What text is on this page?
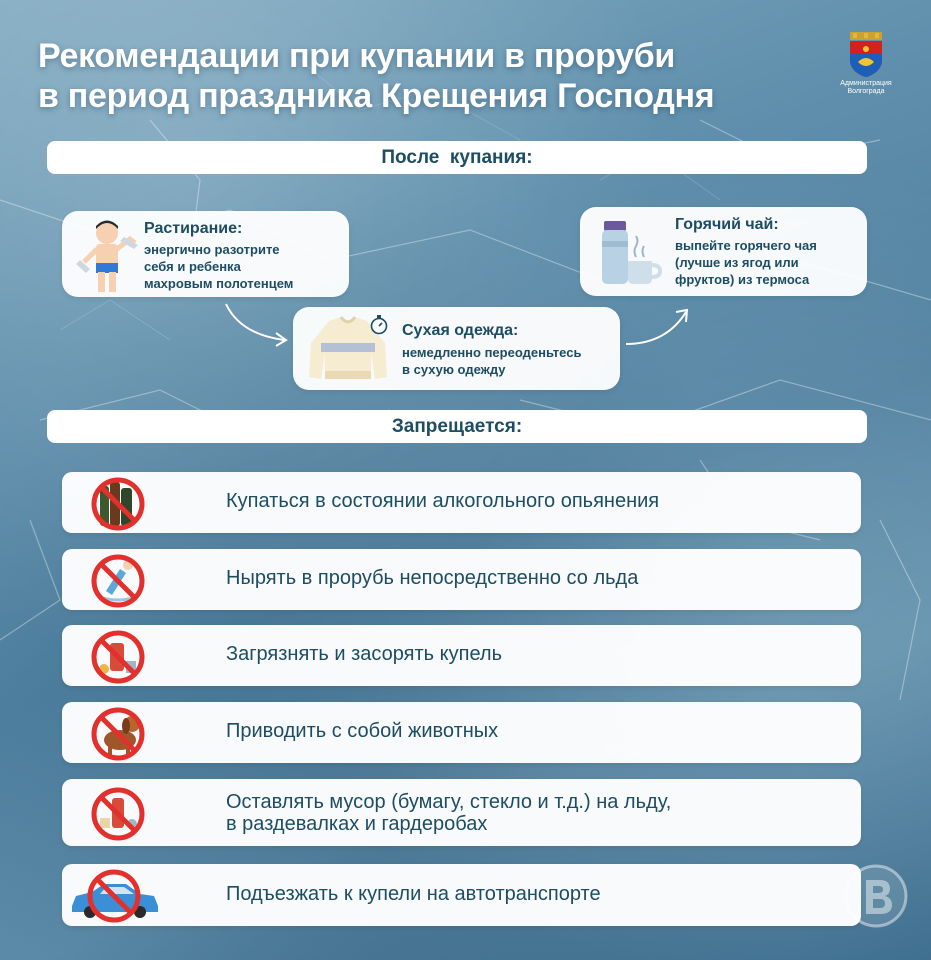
Рекомендации при купании в проруби
в период праздника Крещения Господня	Администрация
Волгограда
После  купания:
Растирание:
энергично разотрите
себя и ребенка
махровым полотенцем
Сухая одежда:
немедленно переоденьтесь
в сухую одежду
Горячий чай:
выпейте горячего чая
(лучше из ягод или
фруктов) из термоса
Запрещается:
Купаться в состоянии алкогольного опьянения
Нырять в прорубь непосредственно со льда
Загрязнять и засорять купель
Приводить с собой животных
Оставлять мусор (бумагу, стекло и т.д.) на льду,
в раздевалках и гардеробах
Подъезжать к купели на автотранспорте
